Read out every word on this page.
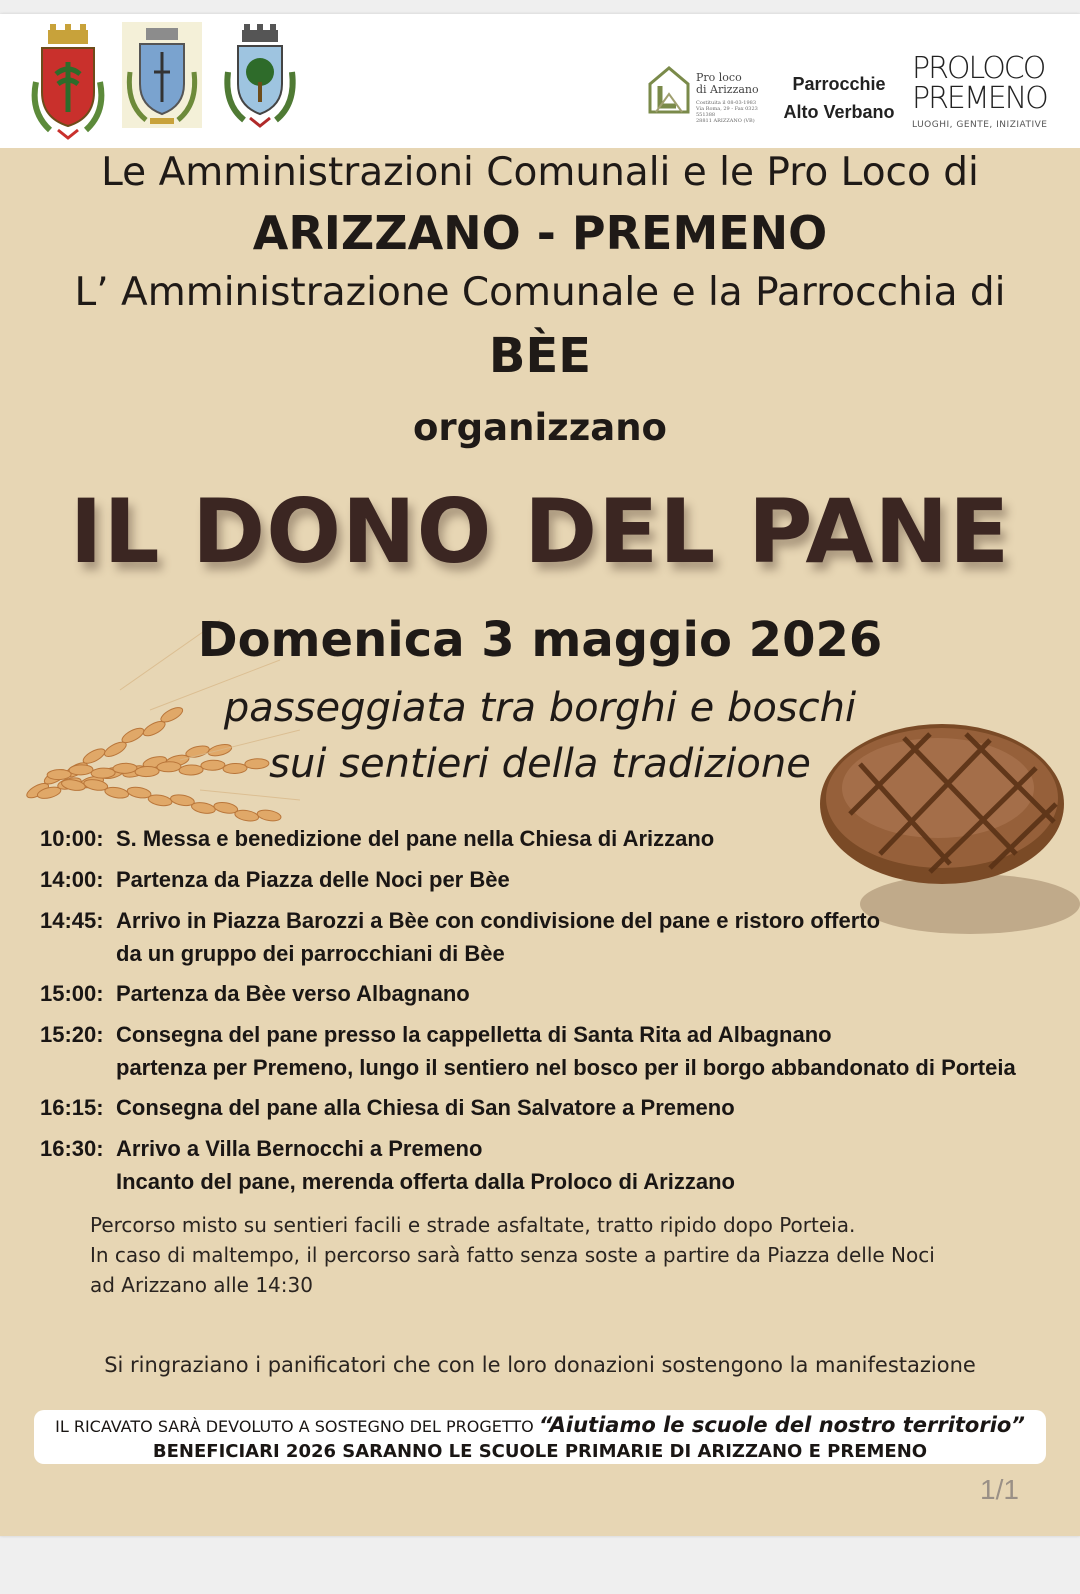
Pro loco
di Arizzano
Costituita il 08-03-1983
Via Roma, 29 - Fax 0323 551388
28811 ARIZZANO (VB)
Parrocchie
Alto Verbano
PROLOCO
PREMENO
LUOGHI, GENTE, INIZIATIVE
Le Amministrazioni Comunali e le Pro Loco di
ARIZZANO - PREMENO
L’ Amministrazione Comunale e la Parrocchia di
BÈE
organizzano
IL DONO DEL PANE
Domenica 3 maggio 2026
passeggiata tra borghi e boschi
sui sentieri della tradizione
10:00: S. Messa e benedizione del pane nella Chiesa di Arizzano
14:00: Partenza da Piazza delle Noci per Bèe
14:45: Arrivo in Piazza Barozzi a Bèe con condivisione del pane e ristoro offerto
da un gruppo dei parrocchiani di Bèe
15:00: Partenza da Bèe verso Albagnano
15:20: Consegna del pane presso la cappelletta di Santa Rita ad Albagnano
partenza per Premeno, lungo il sentiero nel bosco per il borgo abbandonato di Porteia
16:15: Consegna del pane alla Chiesa di San Salvatore a Premeno
16:30: Arrivo a Villa Bernocchi a Premeno
Incanto del pane, merenda offerta dalla Proloco di Arizzano
Percorso misto su sentieri facili e strade asfaltate, tratto ripido dopo Porteia.
In caso di maltempo, il percorso sarà fatto senza soste a partire da Piazza delle Noci
ad Arizzano alle 14:30
Si ringraziano i panificatori che con le loro donazioni sostengono la manifestazione
IL RICAVATO SARÀ DEVOLUTO A SOSTEGNO DEL PROGETTO “Aiutiamo le scuole del nostro territorio”
BENEFICIARI 2026 SARANNO LE SCUOLE PRIMARIE DI ARIZZANO E PREMENO
1/1
